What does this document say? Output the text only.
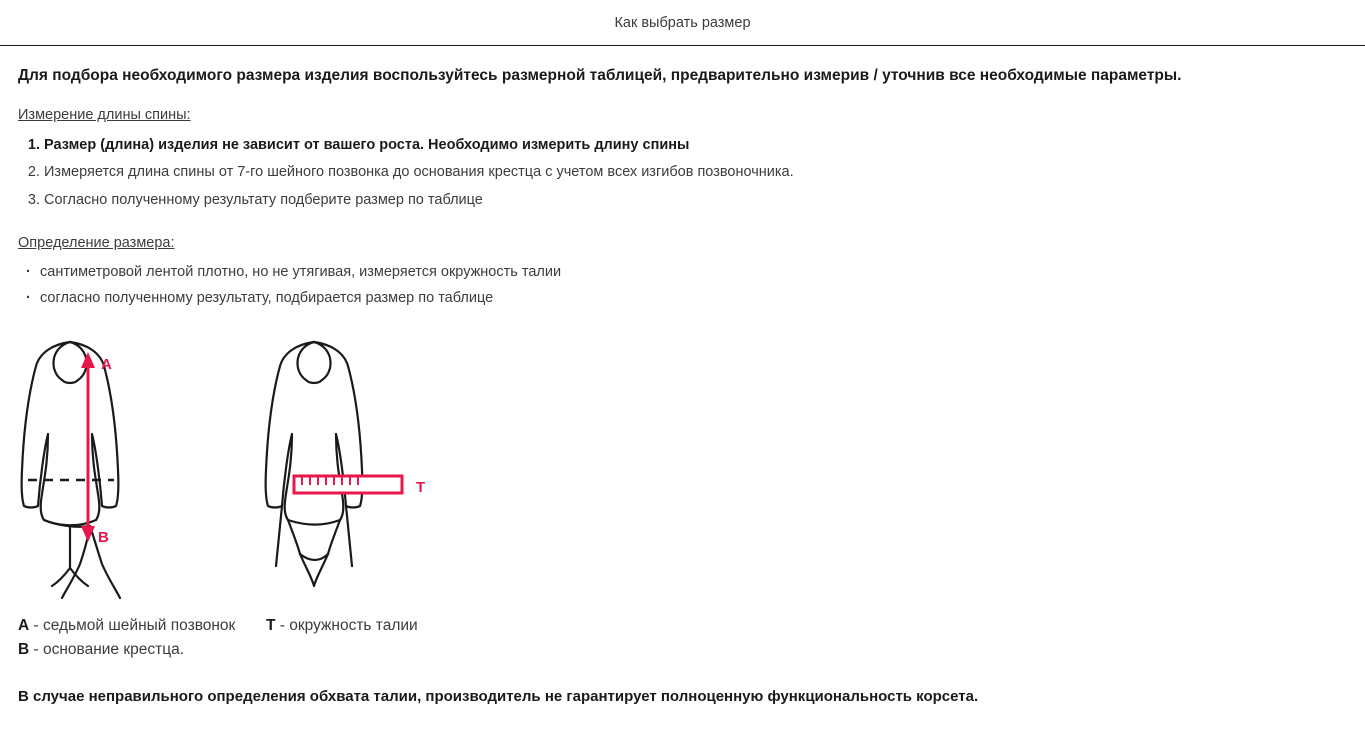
Как выбрать размер
Для подбора необходимого размера изделия воспользуйтесь размерной таблицей, предварительно измерив / уточнив все необходимые параметры.
Измерение длины спины:
1. Размер (длина) изделия не зависит от вашего роста. Необходимо измерить длину спины
2. Измеряется длина спины от 7-го шейного позвонка до основания крестца с учетом всех изгибов позвоночника.
3. Согласно полученному результату подберите размер по таблице
Определение размера:
· сантиметровой лентой плотно, но не утягивая, измеряется окружность талии
· согласно полученному результату, подбирается размер по таблице
A
B
T
A - седьмой шейный позвонок
B - основание крестца.
T - окружность талии
В случае неправильного определения обхвата талии, производитель не гарантирует полноценную функциональность корсета.
